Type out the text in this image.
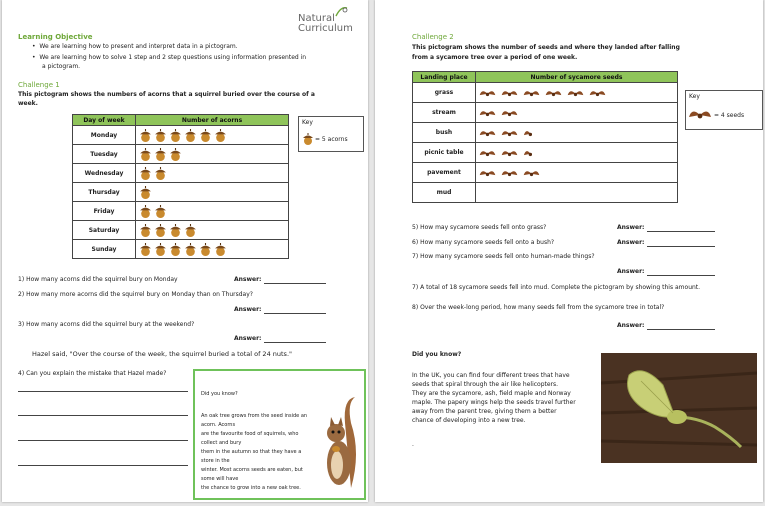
Natural
Curriculum
Learning Objective
•  We are learning how to present and interpret data in a pictogram.
•  We are learning how to solve 1 step and 2 step questions using information presented in
a pictogram.
Challenge 1
This pictogram shows the numbers of acorns that a squirrel buried over the course of a
week.
Day of week	Number of acorns
Monday	
Tuesday	
Wednesday	
Thursday	
Friday	
Saturday	
Sunday	
Key
= 5 acorns
1) How many acorns did the squirrel bury on Monday	Answer:
2) How many more acorns did the squirrel bury on Monday than on Thursday?
Answer:
3) How many acorns did the squirrel bury at the weekend?
Answer:
Hazel said, "Over the course of the week, the squirrel buried a total of 24 nuts."
4) Can you explain the mistake that Hazel made?
Did you know?
An oak tree grows from the seed inside an acorn. Acorns
are the favourite food of squirrels, who collect and bury
them in the autumn so that they have a store in the
winter. Most acorns seeds are eaten, but some will have
the chance to grow into a new oak tree.
Challenge 2
This pictogram shows the number of seeds and where they landed after falling
from a sycamore tree over a period of one week.
Landing place	Number of sycamore seeds
grass	
stream	
bush	
picnic table	
pavement	
mud	
Key
= 4 seeds
5) How may sycamore seeds fell onto grass?	Answer:
6) How many sycamore seeds fell onto a bush?	Answer:
7) How many sycamore seeds fell onto human-made things?
Answer:
7) A total of 18 sycamore seeds fell into mud. Complete the pictogram by showing this amount.
8) Over the week-long period, how many seeds fell from the sycamore tree in total?
Answer:
Did you know?
In the UK, you can find four different trees that have
seeds that spiral through the air like helicopters.
They are the sycamore, ash, field maple and Norway
maple. The papery wings help the seeds travel further
away from the parent tree, giving them a better
chance of developing into a new tree.
.
